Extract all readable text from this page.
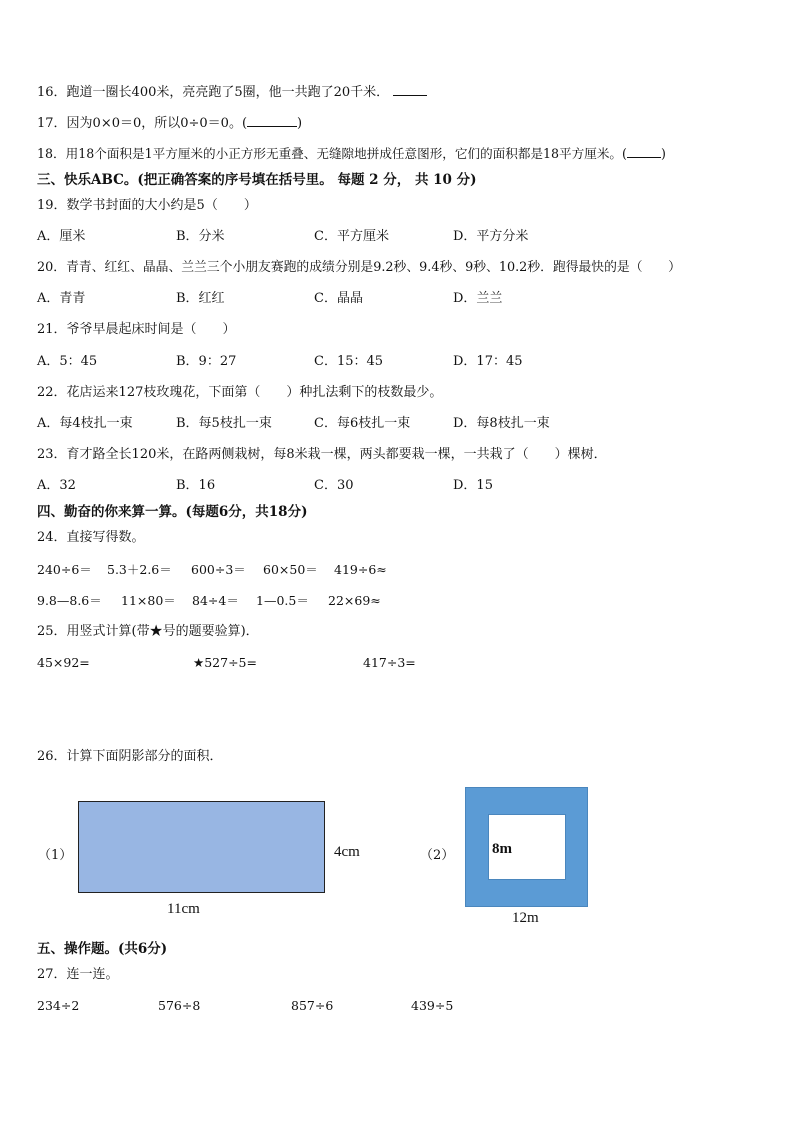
16．跑道一圈长400米，亮亮跑了5圈，他一共跑了20千米．
17．因为0×0＝0，所以0÷0＝0。(	)
18．用18个面积是1平方厘米的小正方形无重叠、无缝隙地拼成任意图形，它们的面积都是18平方厘米。(	)
三、快乐ABC。(把正确答案的序号填在括号里。 每题 2 分， 共 10 分)
19．数学书封面的大小约是5（　　）
A．厘米	B．分米	C．平方厘米	D．平方分米
20．青青、红红、晶晶、兰兰三个小朋友赛跑的成绩分别是9.2秒、9.4秒、9秒、10.2秒．跑得最快的是（　　）
A．青青	B．红红	C．晶晶	D．兰兰
21．爷爷早晨起床时间是（　　）
A．5：45	B．9：27	C．15：45	D．17：45
22．花店运来127枝玫瑰花，下面第（　　）种扎法剩下的枝数最少。
A．每4枝扎一束	B．每5枝扎一束	C．每6枝扎一束	D．每8枝扎一束
23．育才路全长120米，在路两侧栽树，每8米栽一棵，两头都要栽一棵，一共栽了（　　）棵树．
A．32	B．16	C．30	D．15
四、勤奋的你来算一算。(每题6分，共18分)
24．直接写得数。
240÷6＝ 5.3＋2.6＝ 600÷3＝ 60×50＝ 419÷6≈
9.8—8.6＝ 11×80＝ 84÷4＝ 1—0.5＝ 22×69≈
25．用竖式计算(带★号的题要验算)．
45×92=	★527÷5=	417÷3=
26．计算下面阴影部分的面积．
（1）	4cm
11cm
（2）	8m
12m
五、操作题。(共6分)
27．连一连。
234÷2	576÷8	857÷6	439÷5
